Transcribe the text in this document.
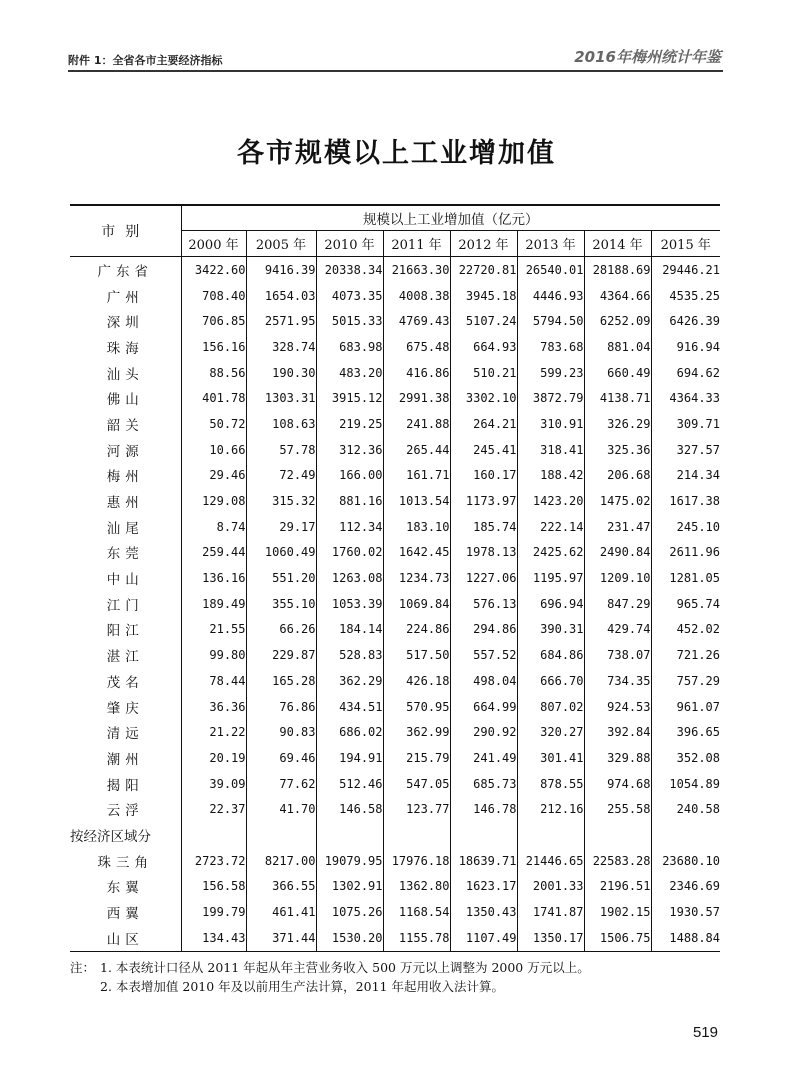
附件 1：全省各市主要经济指标	2016年梅州统计年鉴
各市规模以上工业增加值
市别	规模以上工业增加值（亿元）							
	2000 年	2005 年	2010 年	2011 年	2012 年	2013 年	2014 年	2015 年
广东省	3422.60	9416.39	20338.34	21663.30	22720.81	26540.01	28188.69	29446.21
广州	708.40	1654.03	4073.35	4008.38	3945.18	4446.93	4364.66	4535.25
深圳	706.85	2571.95	5015.33	4769.43	5107.24	5794.50	6252.09	6426.39
珠海	156.16	328.74	683.98	675.48	664.93	783.68	881.04	916.94
汕头	88.56	190.30	483.20	416.86	510.21	599.23	660.49	694.62
佛山	401.78	1303.31	3915.12	2991.38	3302.10	3872.79	4138.71	4364.33
韶关	50.72	108.63	219.25	241.88	264.21	310.91	326.29	309.71
河源	10.66	57.78	312.36	265.44	245.41	318.41	325.36	327.57
梅州	29.46	72.49	166.00	161.71	160.17	188.42	206.68	214.34
惠州	129.08	315.32	881.16	1013.54	1173.97	1423.20	1475.02	1617.38
汕尾	8.74	29.17	112.34	183.10	185.74	222.14	231.47	245.10
东莞	259.44	1060.49	1760.02	1642.45	1978.13	2425.62	2490.84	2611.96
中山	136.16	551.20	1263.08	1234.73	1227.06	1195.97	1209.10	1281.05
江门	189.49	355.10	1053.39	1069.84	576.13	696.94	847.29	965.74
阳江	21.55	66.26	184.14	224.86	294.86	390.31	429.74	452.02
湛江	99.80	229.87	528.83	517.50	557.52	684.86	738.07	721.26
茂名	78.44	165.28	362.29	426.18	498.04	666.70	734.35	757.29
肇庆	36.36	76.86	434.51	570.95	664.99	807.02	924.53	961.07
清远	21.22	90.83	686.02	362.99	290.92	320.27	392.84	396.65
潮州	20.19	69.46	194.91	215.79	241.49	301.41	329.88	352.08
揭阳	39.09	77.62	512.46	547.05	685.73	878.55	974.68	1054.89
云浮	22.37	41.70	146.58	123.77	146.78	212.16	255.58	240.58
按经济区域分								
珠三角	2723.72	8217.00	19079.95	17976.18	18639.71	21446.65	22583.28	23680.10
东翼	156.58	366.55	1302.91	1362.80	1623.17	2001.33	2196.51	2346.69
西翼	199.79	461.41	1075.26	1168.54	1350.43	1741.87	1902.15	1930.57
山区	134.43	371.44	1530.20	1155.78	1107.49	1350.17	1506.75	1488.84
注： 1. 本表统计口径从 2011 年起从年主营业务收入 500 万元以上调整为 2000 万元以上。
2. 本表增加值 2010 年及以前用生产法计算，2011 年起用收入法计算。
519
